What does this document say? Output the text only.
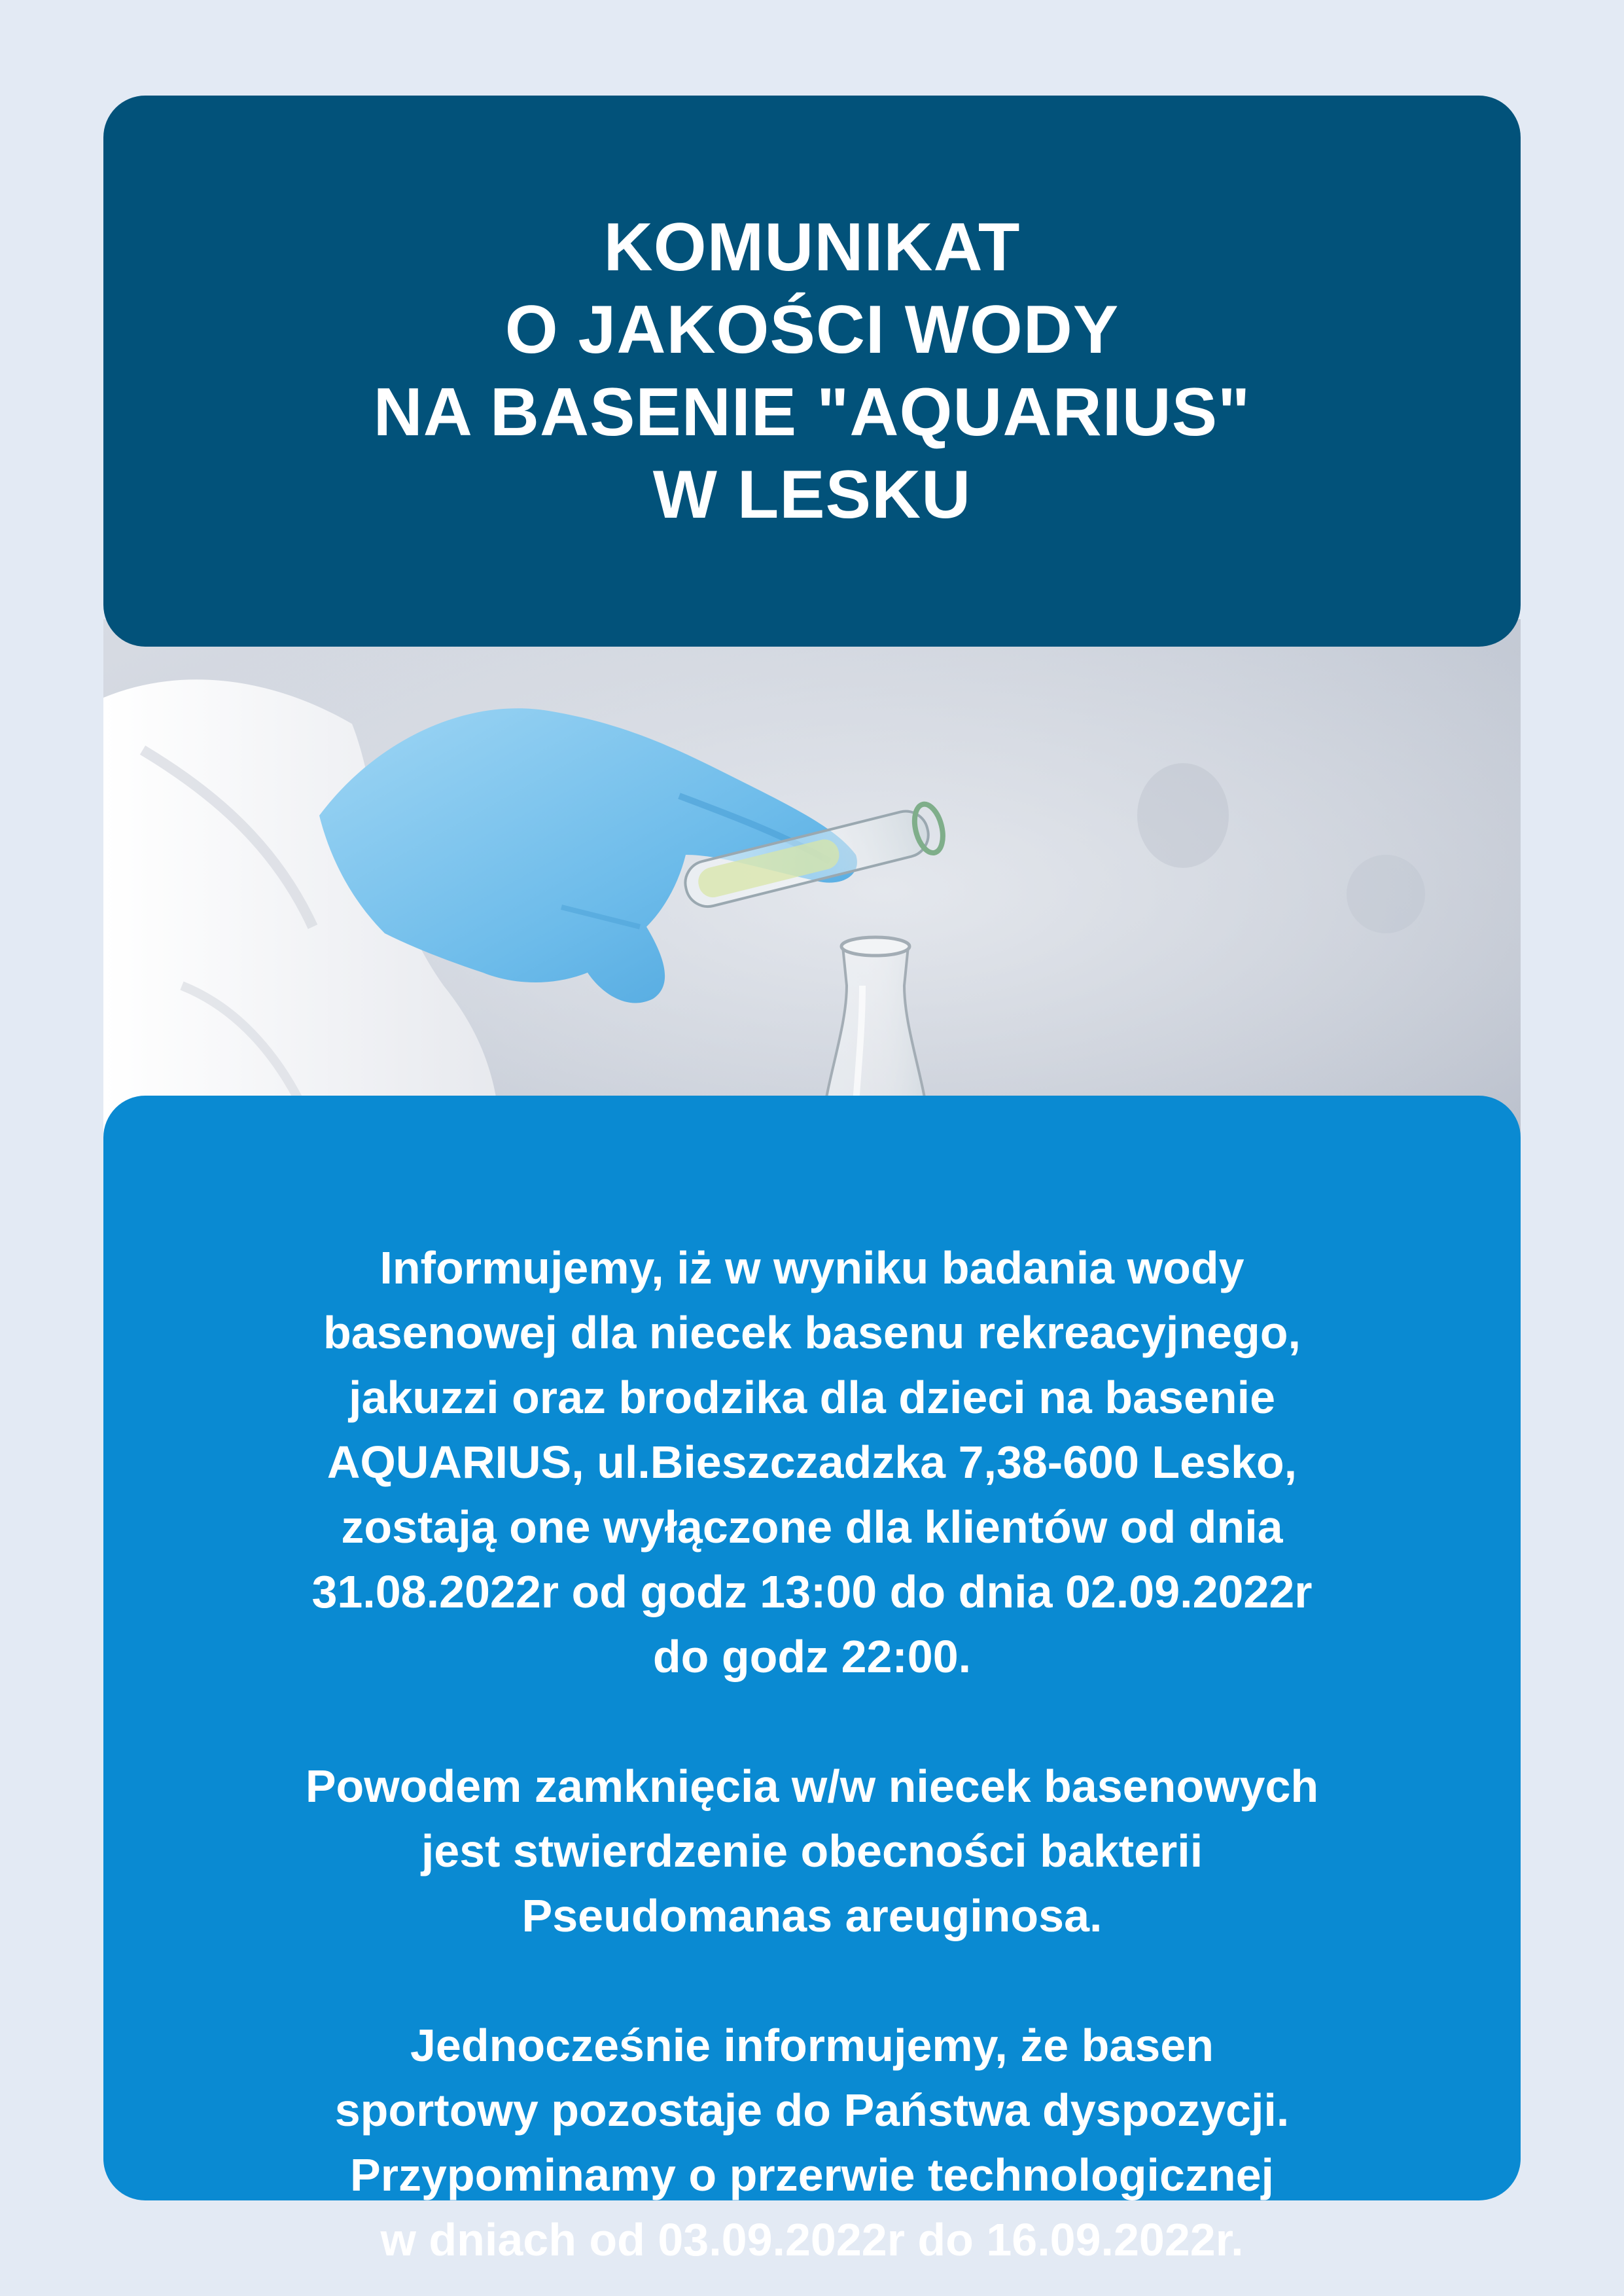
KOMUNIKAT
O JAKOŚCI WODY
NA BASENIE "AQUARIUS"
W LESKU

Informujemy, iż w wyniku badania wody
basenowej dla niecek basenu rekreacyjnego,
jakuzzi oraz brodzika dla dzieci na basenie
AQUARIUS, ul.Bieszczadzka 7,38-600 Lesko,
zostają one wyłączone dla klientów od dnia
31.08.2022r od godz 13:00 do dnia 02.09.2022r
do godz 22:00.

Powodem zamknięcia w/w niecek basenowych
jest stwierdzenie obecności bakterii
Pseudomanas areuginosa.

Jednocześnie informujemy, że basen
sportowy pozostaje do Państwa dyspozycji.
Przypominamy o przerwie technologicznej
w dniach od 03.09.2022r do 16.09.2022r.
